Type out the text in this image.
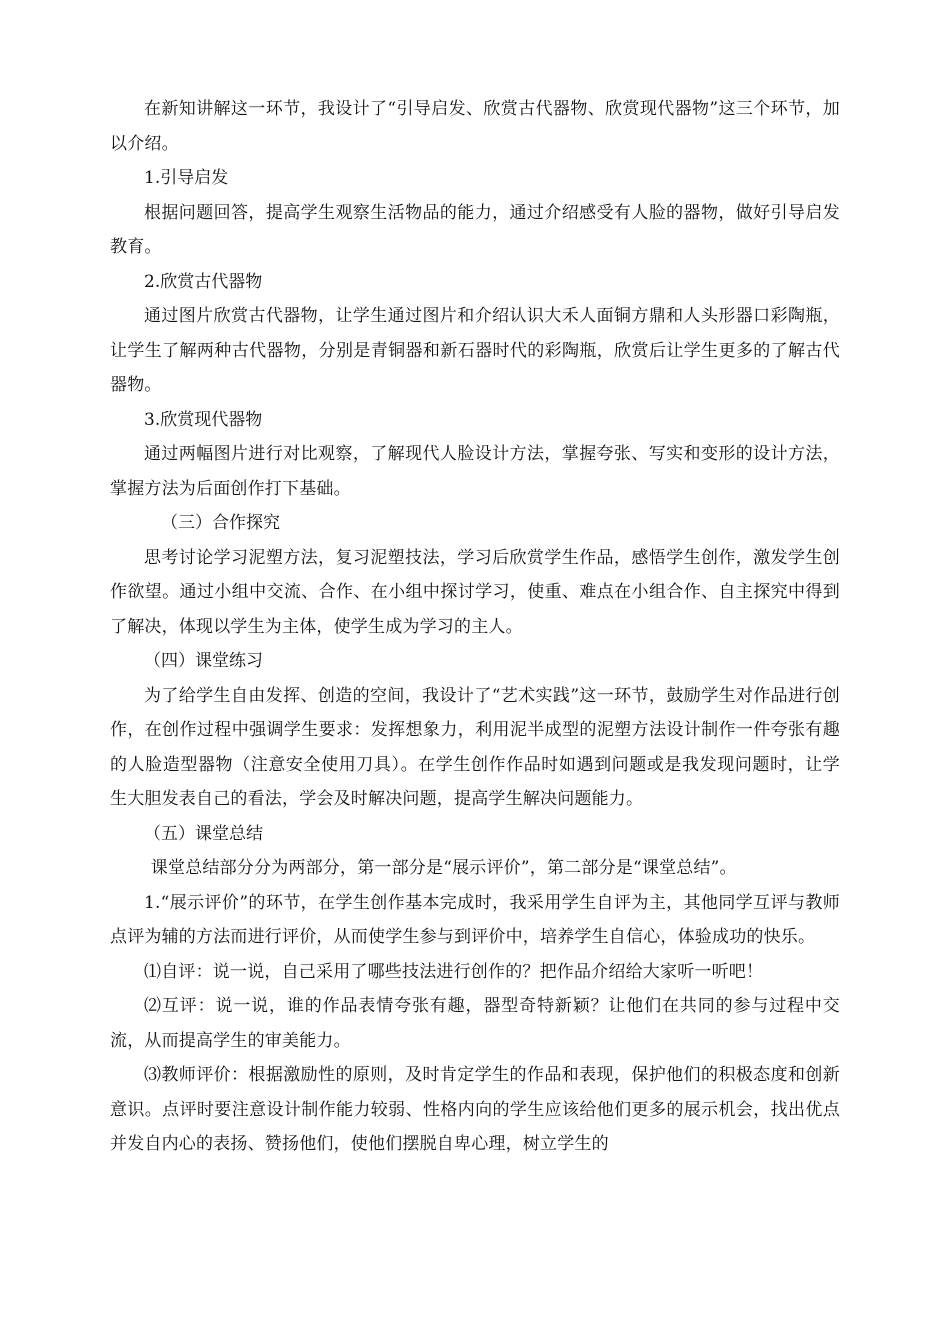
在新知讲解这一环节，我设计了“引导启发、欣赏古代器物、欣赏现代器物”这三个环节，加以介绍。

1.引导启发

根据问题回答，提高学生观察生活物品的能力，通过介绍感受有人脸的器物，做好引导启发教育。

2.欣赏古代器物

通过图片欣赏古代器物，让学生通过图片和介绍认识大禾人面铜方鼎和人头形器口彩陶瓶，让学生了解两种古代器物，分别是青铜器和新石器时代的彩陶瓶，欣赏后让学生更多的了解古代器物。

3.欣赏现代器物

通过两幅图片进行对比观察，了解现代人脸设计方法，掌握夸张、写实和变形的设计方法，掌握方法为后面创作打下基础。

（三）合作探究

思考讨论学习泥塑方法，复习泥塑技法，学习后欣赏学生作品，感悟学生创作，激发学生创作欲望。通过小组中交流、合作、在小组中探讨学习，使重、难点在小组合作、自主探究中得到了解决，体现以学生为主体，使学生成为学习的主人。

（四）课堂练习

为了给学生自由发挥、创造的空间，我设计了“艺术实践”这一环节，鼓励学生对作品进行创作，在创作过程中强调学生要求：发挥想象力，利用泥半成型的泥塑方法设计制作一件夸张有趣的人脸造型器物（注意安全使用刀具）。在学生创作作品时如遇到问题或是我发现问题时，让学生大胆发表自己的看法，学会及时解决问题，提高学生解决问题能力。

（五）课堂总结

课堂总结部分分为两部分，第一部分是“展示评价”，第二部分是“课堂总结”。

1.“展示评价”的环节，在学生创作基本完成时，我采用学生自评为主，其他同学互评与教师点评为辅的方法而进行评价，从而使学生参与到评价中，培养学生自信心，体验成功的快乐。

⑴自评：说一说，自己采用了哪些技法进行创作的？把作品介绍给大家听一听吧！

⑵互评：说一说，谁的作品表情夸张有趣，器型奇特新颖？让他们在共同的参与过程中交流，从而提高学生的审美能力。

⑶教师评价：根据激励性的原则，及时肯定学生的作品和表现，保护他们的积极态度和创新意识。点评时要注意设计制作能力较弱、性格内向的学生应该给他们更多的展示机会，找出优点并发自内心的表扬、赞扬他们，使他们摆脱自卑心理，树立学生的
